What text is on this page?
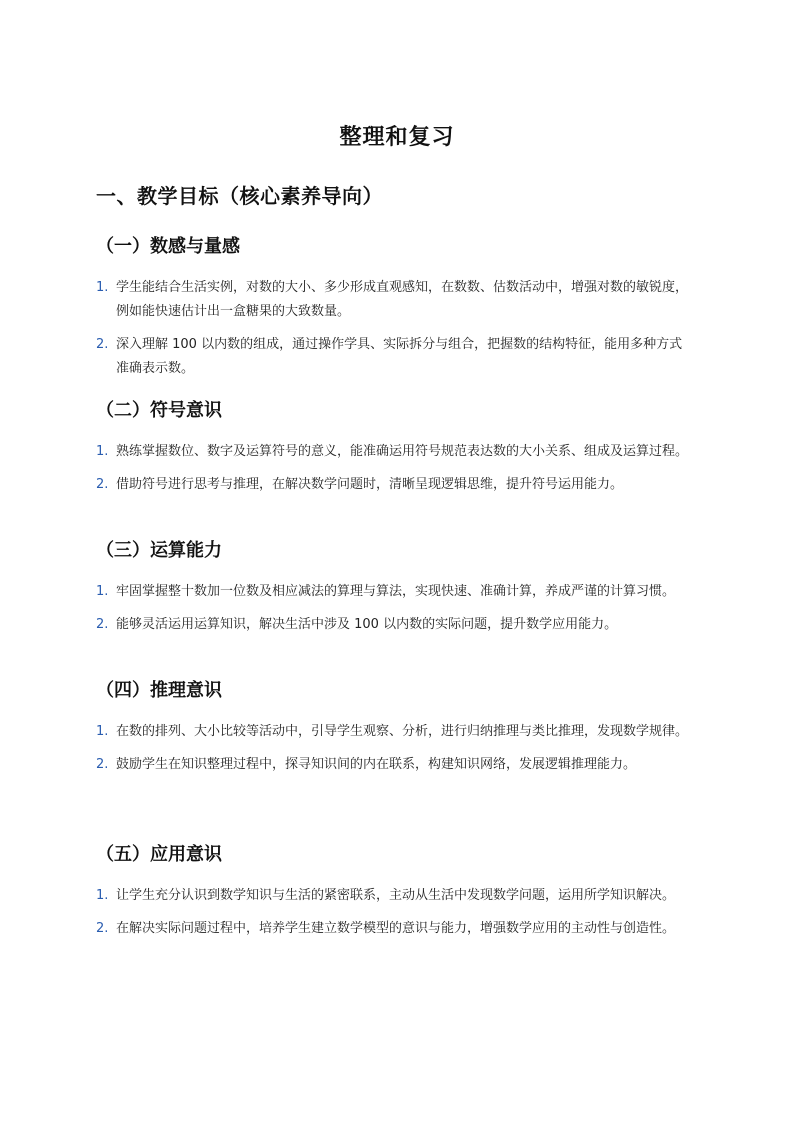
整理和复习
一、教学目标（核心素养导向）
（一）数感与量感
1. 学生能结合生活实例，对数的大小、多少形成直观感知，在数数、估数活动中，增强对数的敏锐度，例如能快速估计出一盒糖果的大致数量。
2. 深入理解 100 以内数的组成，通过操作学具、实际拆分与组合，把握数的结构特征，能用多种方式准确表示数。
（二）符号意识
1. 熟练掌握数位、数字及运算符号的意义，能准确运用符号规范表达数的大小关系、组成及运算过程。
2. 借助符号进行思考与推理，在解决数学问题时，清晰呈现逻辑思维，提升符号运用能力。
（三）运算能力
1. 牢固掌握整十数加一位数及相应减法的算理与算法，实现快速、准确计算，养成严谨的计算习惯。
2. 能够灵活运用运算知识，解决生活中涉及 100 以内数的实际问题，提升数学应用能力。
（四）推理意识
1. 在数的排列、大小比较等活动中，引导学生观察、分析，进行归纳推理与类比推理，发现数学规律。
2. 鼓励学生在知识整理过程中，探寻知识间的内在联系，构建知识网络，发展逻辑推理能力。
（五）应用意识
1. 让学生充分认识到数学知识与生活的紧密联系，主动从生活中发现数学问题，运用所学知识解决。
2. 在解决实际问题过程中，培养学生建立数学模型的意识与能力，增强数学应用的主动性与创造性。
